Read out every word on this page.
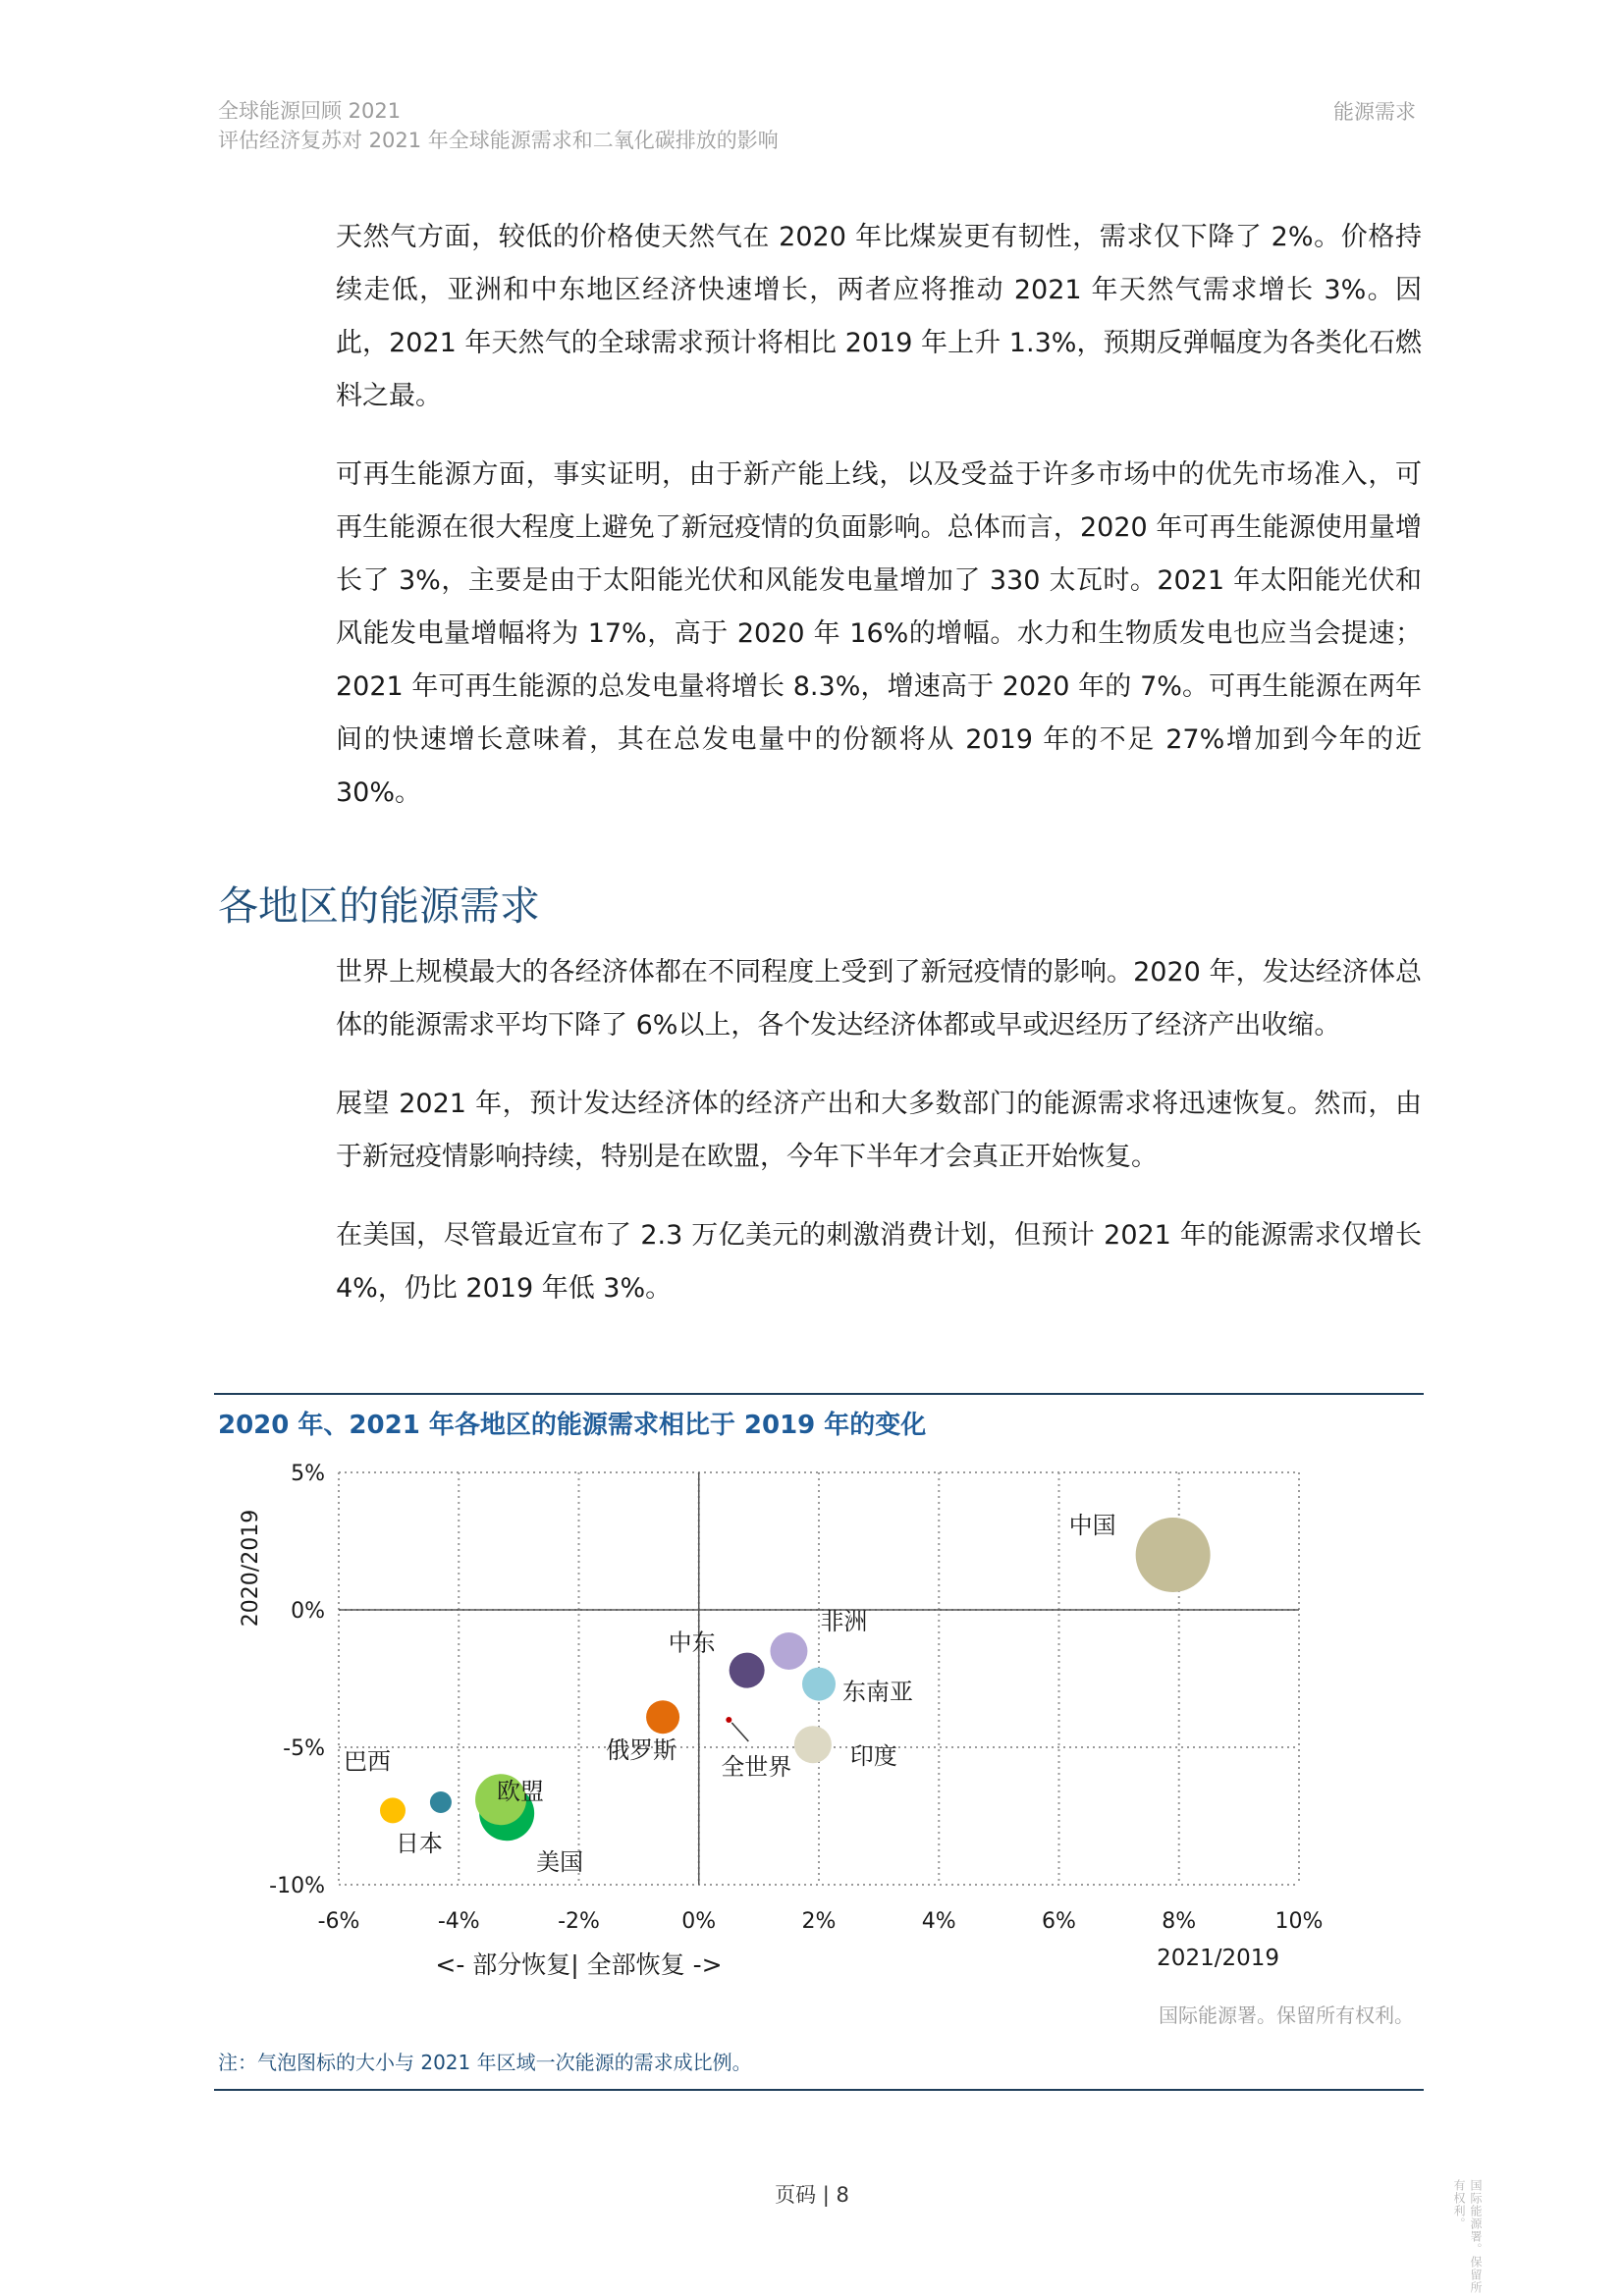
全球能源回顾 2021
评估经济复苏对 2021 年全球能源需求和二氧化碳排放的影响
能源需求

天然气方面，较低的价格使天然气在 2020 年比煤炭更有韧性，需求仅下降了 2%。价格持续走低，亚洲和中东地区经济快速增长，两者应将推动 2021 年天然气需求增长 3%。因此，2021 年天然气的全球需求预计将相比 2019 年上升 1.3%，预期反弹幅度为各类化石燃料之最。

可再生能源方面，事实证明，由于新产能上线，以及受益于许多市场中的优先市场准入，可再生能源在很大程度上避免了新冠疫情的负面影响。总体而言，2020 年可再生能源使用量增长了 3%，主要是由于太阳能光伏和风能发电量增加了 330 太瓦时。2021 年太阳能光伏和风能发电量增幅将为 17%，高于 2020 年 16%的增幅。水力和生物质发电也应当会提速；2021 年可再生能源的总发电量将增长 8.3%，增速高于 2020 年的 7%。可再生能源在两年间的快速增长意味着，其在总发电量中的份额将从 2019 年的不足 27%增加到今年的近 30%。

各地区的能源需求

世界上规模最大的各经济体都在不同程度上受到了新冠疫情的影响。2020 年，发达经济体总体的能源需求平均下降了 6%以上，各个发达经济体都或早或迟经历了经济产出收缩。

展望 2021 年，预计发达经济体的经济产出和大多数部门的能源需求将迅速恢复。然而，由于新冠疫情影响持续，特别是在欧盟，今年下半年才会真正开始恢复。

在美国，尽管最近宣布了 2.3 万亿美元的刺激消费计划，但预计 2021 年的能源需求仅增长 4%，仍比 2019 年低 3%。

2020 年、2021 年各地区的能源需求相比于 2019 年的变化
-6%	-4%	-2%	0%	2%	4%	6%	8%	10%
5%
0%
-5%
-10%
中国
非洲
中东
东南亚
印度
俄罗斯
全世界
美国
欧盟
日本
巴西
2021/2019
<- 部分恢复| 全部恢复 ->
2020/2019
国际能源署。保留所有权利。
注：气泡图标的大小与 2021 年区域一次能源的需求成比例。
页码 | 8	国际能源署。保留所有权利。
